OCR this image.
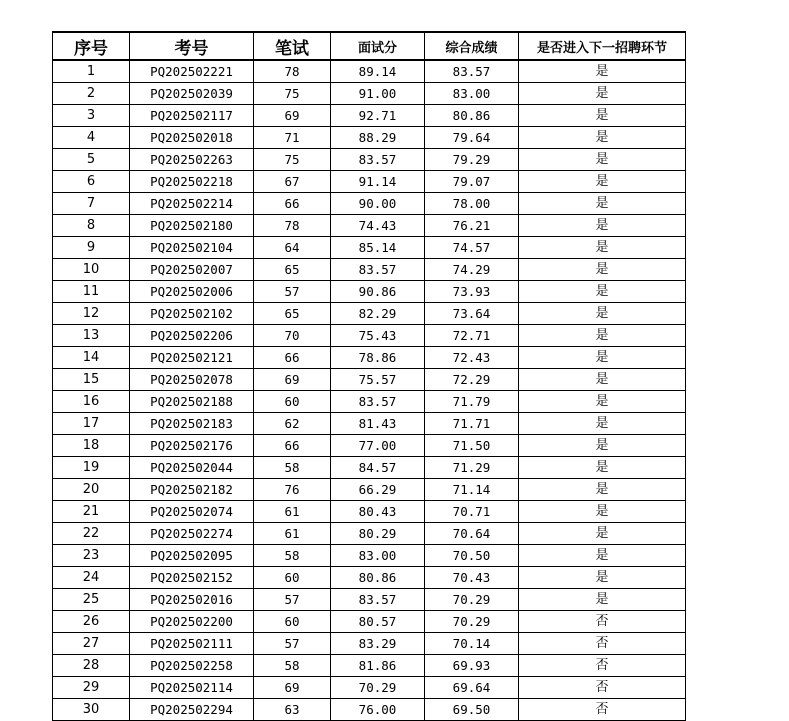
序号	考号	笔试	面试分	综合成绩	是否进入下一招聘环节
1	PQ202502221	78	89.14	83.57	是
2	PQ202502039	75	91.00	83.00	是
3	PQ202502117	69	92.71	80.86	是
4	PQ202502018	71	88.29	79.64	是
5	PQ202502263	75	83.57	79.29	是
6	PQ202502218	67	91.14	79.07	是
7	PQ202502214	66	90.00	78.00	是
8	PQ202502180	78	74.43	76.21	是
9	PQ202502104	64	85.14	74.57	是
10	PQ202502007	65	83.57	74.29	是
11	PQ202502006	57	90.86	73.93	是
12	PQ202502102	65	82.29	73.64	是
13	PQ202502206	70	75.43	72.71	是
14	PQ202502121	66	78.86	72.43	是
15	PQ202502078	69	75.57	72.29	是
16	PQ202502188	60	83.57	71.79	是
17	PQ202502183	62	81.43	71.71	是
18	PQ202502176	66	77.00	71.50	是
19	PQ202502044	58	84.57	71.29	是
20	PQ202502182	76	66.29	71.14	是
21	PQ202502074	61	80.43	70.71	是
22	PQ202502274	61	80.29	70.64	是
23	PQ202502095	58	83.00	70.50	是
24	PQ202502152	60	80.86	70.43	是
25	PQ202502016	57	83.57	70.29	是
26	PQ202502200	60	80.57	70.29	否
27	PQ202502111	57	83.29	70.14	否
28	PQ202502258	58	81.86	69.93	否
29	PQ202502114	69	70.29	69.64	否
30	PQ202502294	63	76.00	69.50	否
